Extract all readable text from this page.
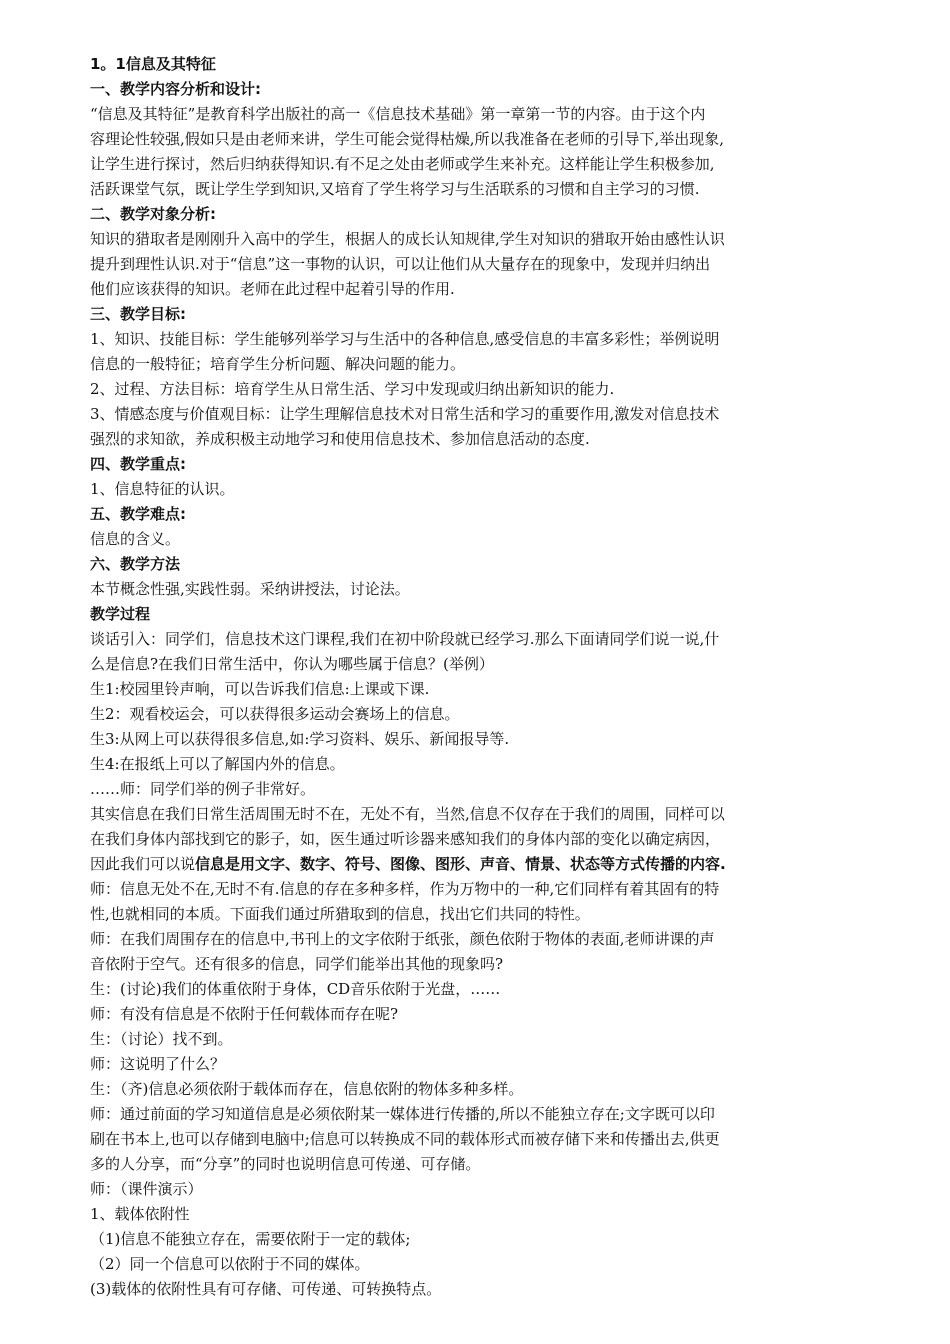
1。1信息及其特征
一、教学内容分析和设计:
“信息及其特征”是教育科学出版社的高一《信息技术基础》第一章第一节的内容。由于这个内
容理论性较强,假如只是由老师来讲，学生可能会觉得枯燥,所以我准备在老师的引导下,举出现象,
让学生进行探讨，然后归纳获得知识.有不足之处由老师或学生来补充。这样能让学生积极参加,
活跃课堂气氛，既让学生学到知识,又培育了学生将学习与生活联系的习惯和自主学习的习惯.
二、教学对象分析:
知识的猎取者是刚刚升入高中的学生，根据人的成长认知规律,学生对知识的猎取开始由感性认识
提升到理性认识.对于“信息”这一事物的认识，可以让他们从大量存在的现象中，发现并归纳出
他们应该获得的知识。老师在此过程中起着引导的作用.
三、教学目标:
1、知识、技能目标：学生能够列举学习与生活中的各种信息,感受信息的丰富多彩性；举例说明
信息的一般特征；培育学生分析问题、解决问题的能力。
2、过程、方法目标：培育学生从日常生活、学习中发现或归纳出新知识的能力.
3、情感态度与价值观目标：让学生理解信息技术对日常生活和学习的重要作用,激发对信息技术
强烈的求知欲，养成积极主动地学习和使用信息技术、参加信息活动的态度.
四、教学重点:
1、信息特征的认识。
五、教学难点:
信息的含义。
六、教学方法
本节概念性强,实践性弱。采纳讲授法，讨论法。
教学过程
谈话引入：同学们，信息技术这门课程,我们在初中阶段就已经学习.那么下面请同学们说一说,什
么是信息?在我们日常生活中，你认为哪些属于信息？(举例）
生1:校园里铃声响，可以告诉我们信息:上课或下课.
生2：观看校运会，可以获得很多运动会赛场上的信息。
生3:从网上可以获得很多信息,如:学习资料、娱乐、新闻报导等.
生4:在报纸上可以了解国内外的信息。
……师：同学们举的例子非常好。
其实信息在我们日常生活周围无时不在，无处不有，当然,信息不仅存在于我们的周围，同样可以
在我们身体内部找到它的影子，如，医生通过听诊器来感知我们的身体内部的变化以确定病因，
因此我们可以说信息是用文字、数字、符号、图像、图形、声音、情景、状态等方式传播的内容.
师：信息无处不在,无时不有.信息的存在多种多样，作为万物中的一种,它们同样有着其固有的特
性,也就相同的本质。下面我们通过所猎取到的信息，找出它们共同的特性。
师：在我们周围存在的信息中,书刊上的文字依附于纸张，颜色依附于物体的表面,老师讲课的声
音依附于空气。还有很多的信息，同学们能举出其他的现象吗?
生：(讨论)我们的体重依附于身体，CD音乐依附于光盘，……
师：有没有信息是不依附于任何载体而存在呢?
生：（讨论）找不到。
师：这说明了什么？
生：（齐)信息必须依附于载体而存在，信息依附的物体多种多样。
师：通过前面的学习知道信息是必须依附某一媒体进行传播的,所以不能独立存在;文字既可以印
刷在书本上,也可以存储到电脑中;信息可以转换成不同的载体形式而被存储下来和传播出去,供更
多的人分享，而“分享”的同时也说明信息可传递、可存储。
师：（课件演示）
1、载体依附性
（1)信息不能独立存在，需要依附于一定的载体;
（2）同一个信息可以依附于不同的媒体。
(3)载体的依附性具有可存储、可传递、可转换特点。
